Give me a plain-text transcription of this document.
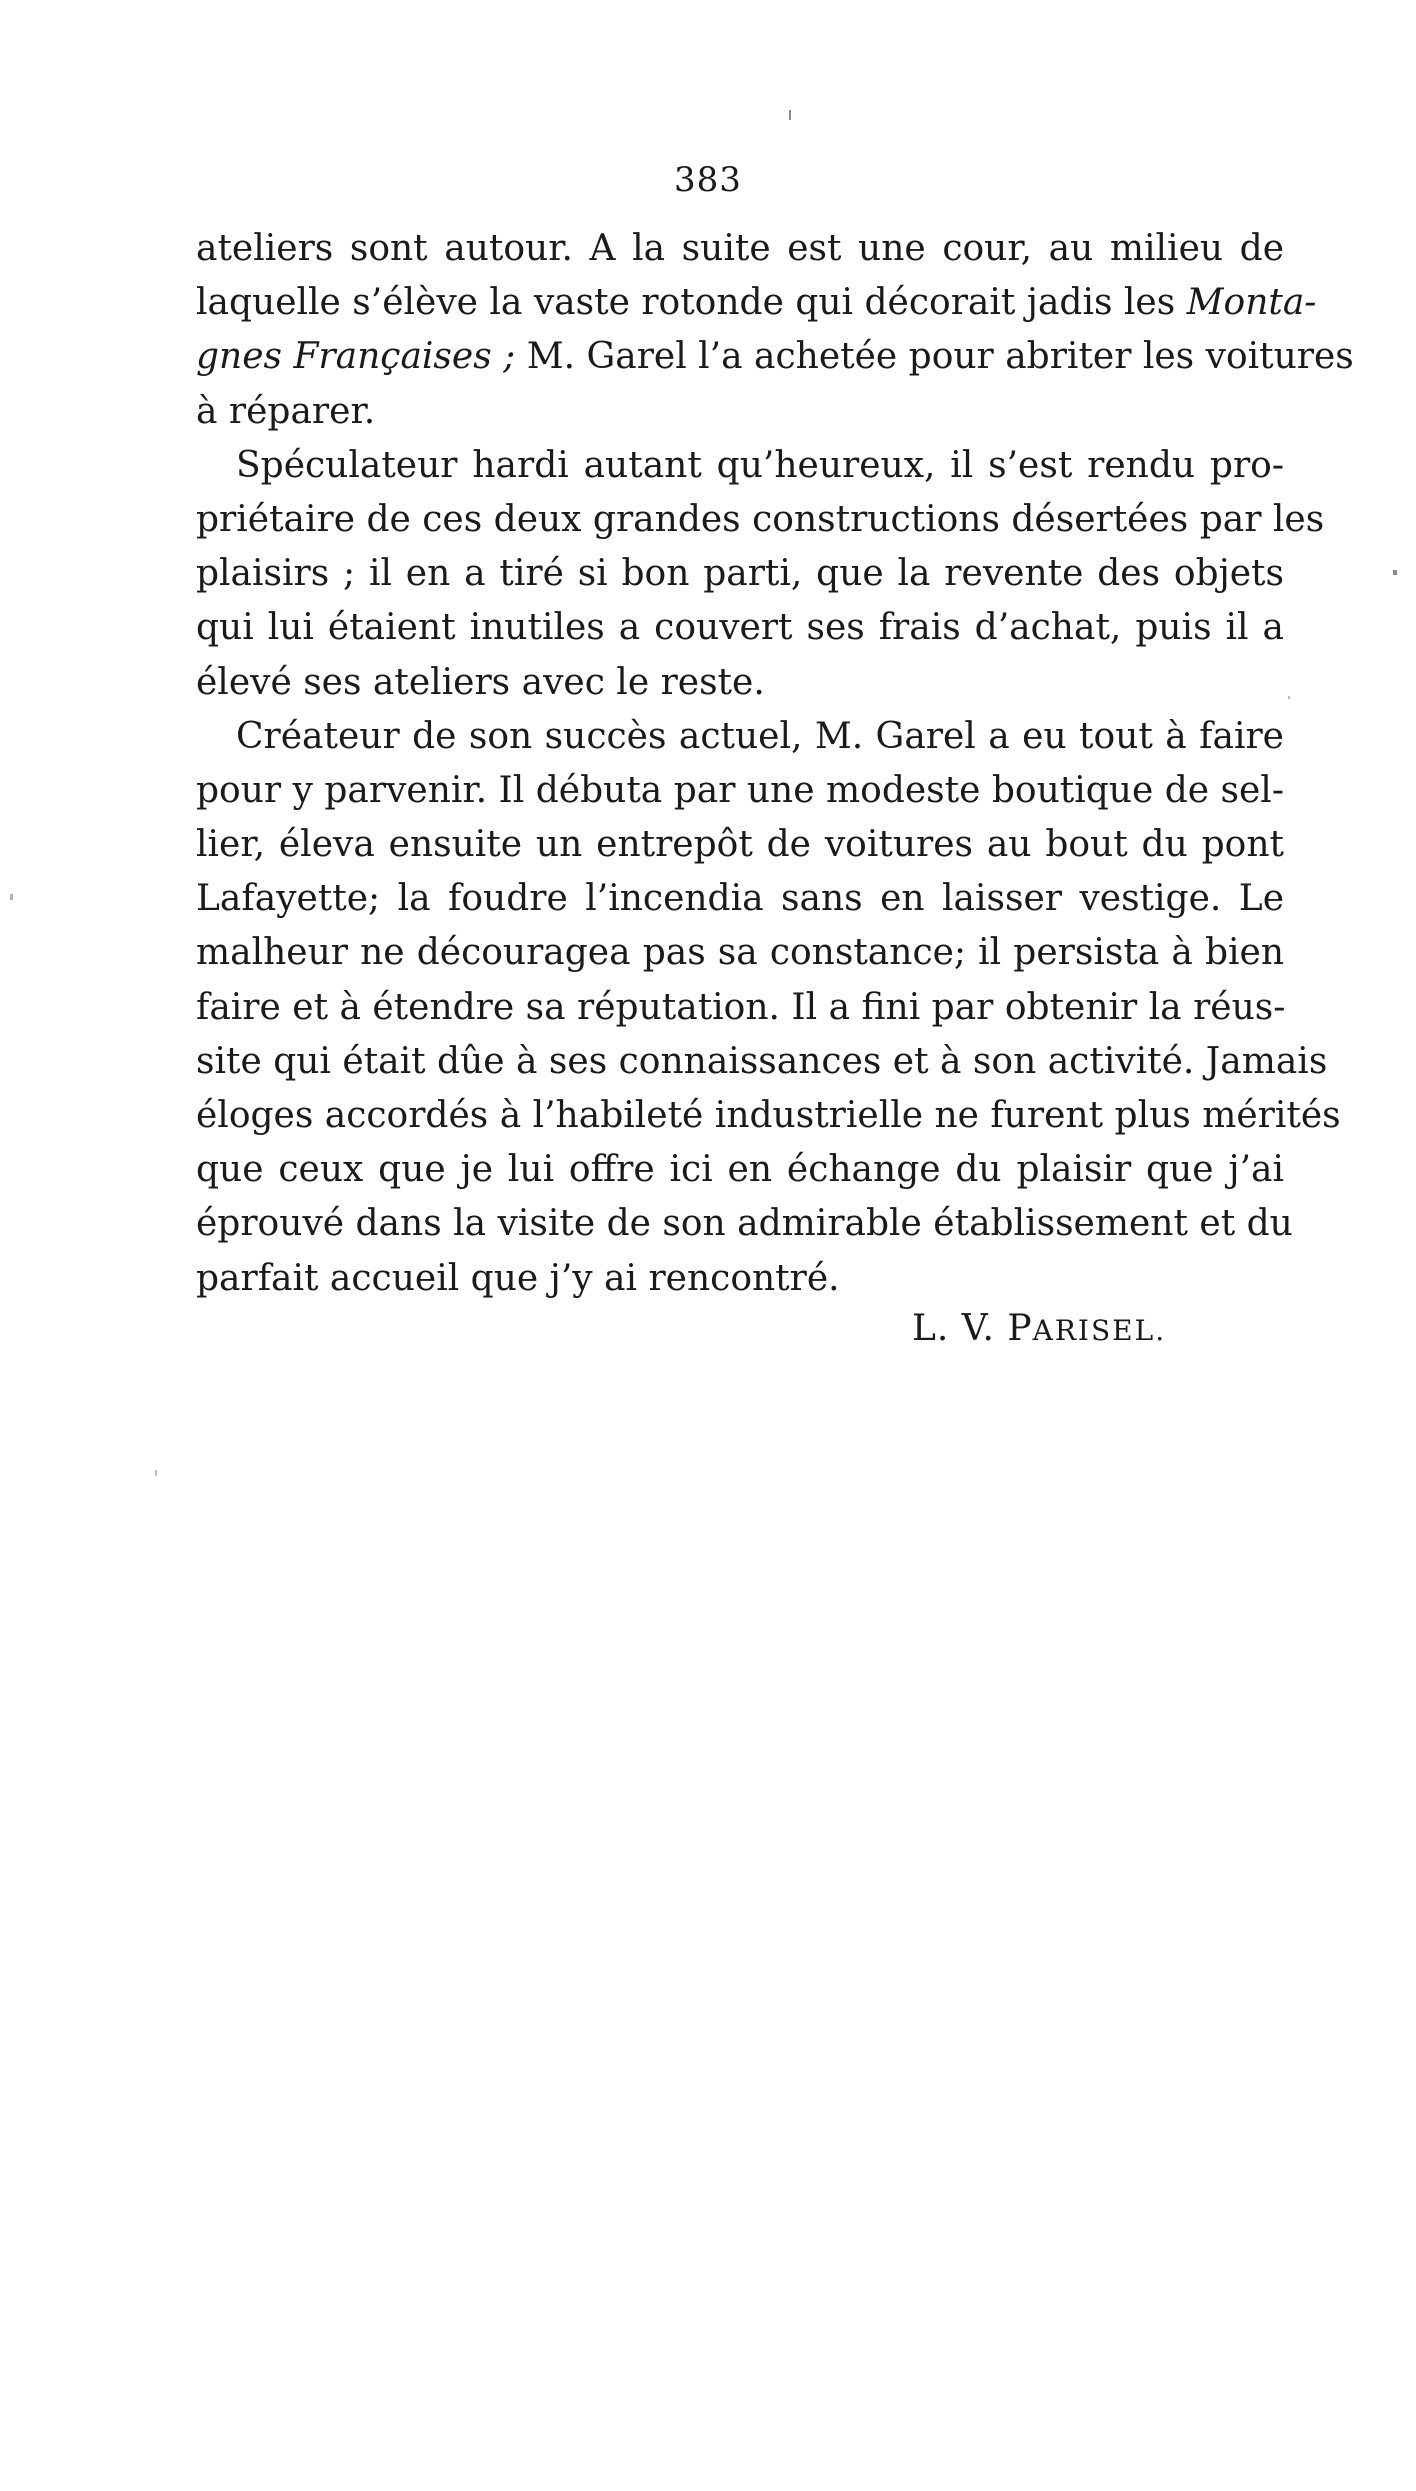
383
ateliers sont autour. A la suite est une cour, au milieu de
laquelle s’élève la vaste rotonde qui décorait jadis les Monta-
gnes Françaises ; M. Garel l’a achetée pour abriter les voitures
à réparer.
Spéculateur hardi autant qu’heureux, il s’est rendu pro-
priétaire de ces deux grandes constructions désertées par les
plaisirs ; il en a tiré si bon parti, que la revente des objets
qui lui étaient inutiles a couvert ses frais d’achat, puis il a
élevé ses ateliers avec le reste.
Créateur de son succès actuel, M. Garel a eu tout à faire
pour y parvenir. Il débuta par une modeste boutique de sel-
lier, éleva ensuite un entrepôt de voitures au bout du pont
Lafayette; la foudre l’incendia sans en laisser vestige. Le
malheur ne découragea pas sa constance; il persista à bien
faire et à étendre sa réputation. Il a fini par obtenir la réus-
site qui était dûe à ses connaissances et à son activité. Jamais
éloges accordés à l’habileté industrielle ne furent plus mérités
que ceux que je lui offre ici en échange du plaisir que j’ai
éprouvé dans la visite de son admirable établissement et du
parfait accueil que j’y ai rencontré.
L. V. PARISEL.
